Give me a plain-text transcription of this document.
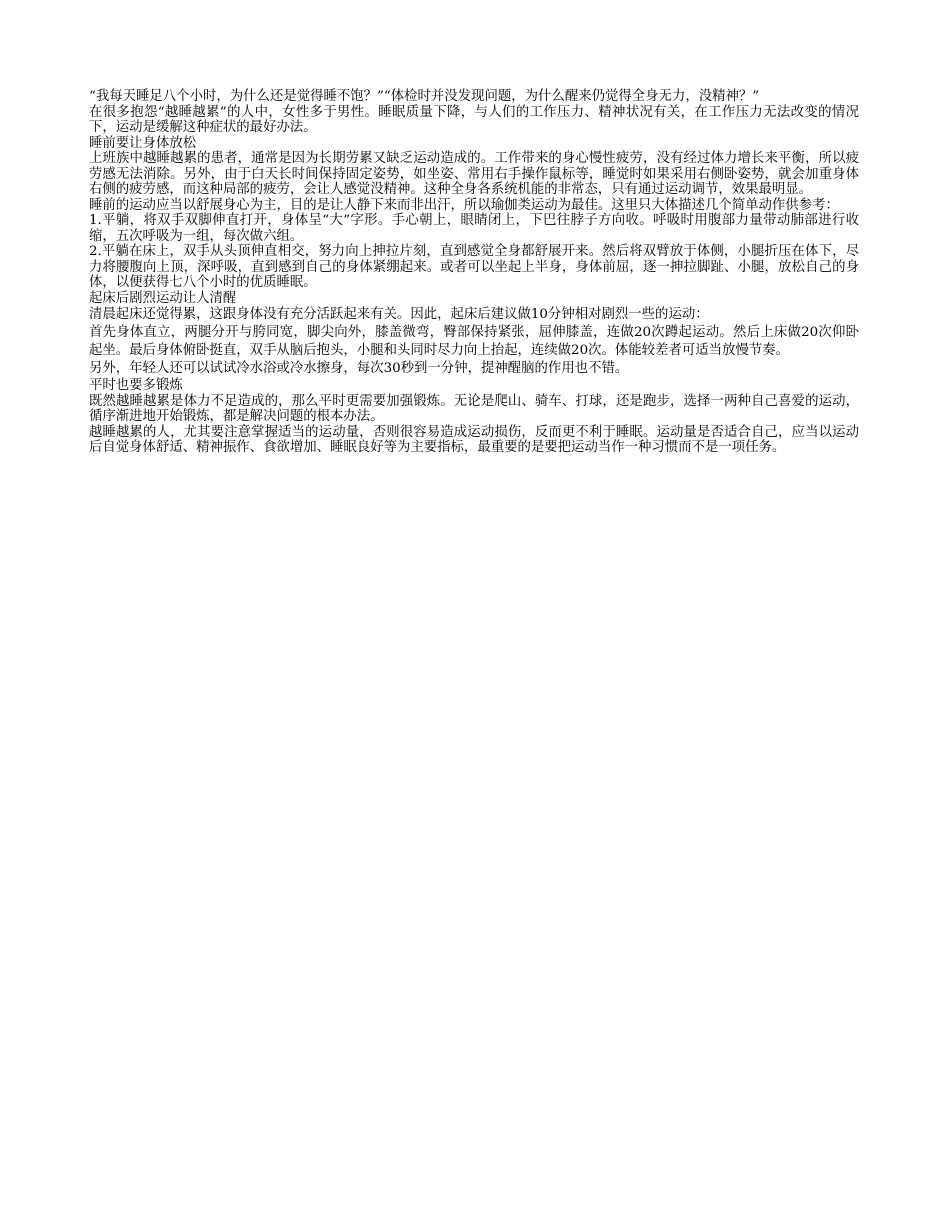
“我每天睡足八个小时，为什么还是觉得睡不饱？”“体检时并没发现问题，为什么醒来仍觉得全身无力，没精神？”

在很多抱怨“越睡越累”的人中，女性多于男性。睡眠质量下降，与人们的工作压力、精神状况有关，在工作压力无法改变的情况下，运动是缓解这种症状的最好办法。

睡前要让身体放松

上班族中越睡越累的患者，通常是因为长期劳累又缺乏运动造成的。工作带来的身心慢性疲劳，没有经过体力增长来平衡，所以疲劳感无法消除。另外，由于白天长时间保持固定姿势，如坐姿、常用右手操作鼠标等，睡觉时如果采用右侧卧姿势，就会加重身体右侧的疲劳感，而这种局部的疲劳，会让人感觉没精神。这种全身各系统机能的非常态，只有通过运动调节，效果最明显。

睡前的运动应当以舒展身心为主，目的是让人静下来而非出汗，所以瑜伽类运动为最佳。这里只大体描述几个简单动作供参考：

1.平躺，将双手双脚伸直打开，身体呈“大”字形。手心朝上，眼睛闭上，下巴往脖子方向收。呼吸时用腹部力量带动肺部进行收缩，五次呼吸为一组，每次做六组。

2.平躺在床上，双手从头顶伸直相交，努力向上抻拉片刻，直到感觉全身都舒展开来。然后将双臂放于体侧，小腿折压在体下，尽力将腰腹向上顶，深呼吸，直到感到自己的身体紧绷起来。或者可以坐起上半身，身体前屈，逐一抻拉脚趾、小腿，放松自己的身体，以便获得七八个小时的优质睡眠。

起床后剧烈运动让人清醒

清晨起床还觉得累，这跟身体没有充分活跃起来有关。因此，起床后建议做10分钟相对剧烈一些的运动：

首先身体直立，两腿分开与胯同宽，脚尖向外，膝盖微弯，臀部保持紧张，屈伸膝盖，连做20次蹲起运动。然后上床做20次仰卧起坐。最后身体俯卧挺直，双手从脑后抱头，小腿和头同时尽力向上抬起，连续做20次。体能较差者可适当放慢节奏。

另外，年轻人还可以试试冷水浴或冷水擦身，每次30秒到一分钟，提神醒脑的作用也不错。

平时也要多锻炼

既然越睡越累是体力不足造成的，那么平时更需要加强锻炼。无论是爬山、骑车、打球，还是跑步，选择一两种自己喜爱的运动，循序渐进地开始锻炼，都是解决问题的根本办法。

越睡越累的人，尤其要注意掌握适当的运动量，否则很容易造成运动损伤，反而更不利于睡眠。运动量是否适合自己，应当以运动后自觉身体舒适、精神振作、食欲增加、睡眠良好等为主要指标，最重要的是要把运动当作一种习惯而不是一项任务。
